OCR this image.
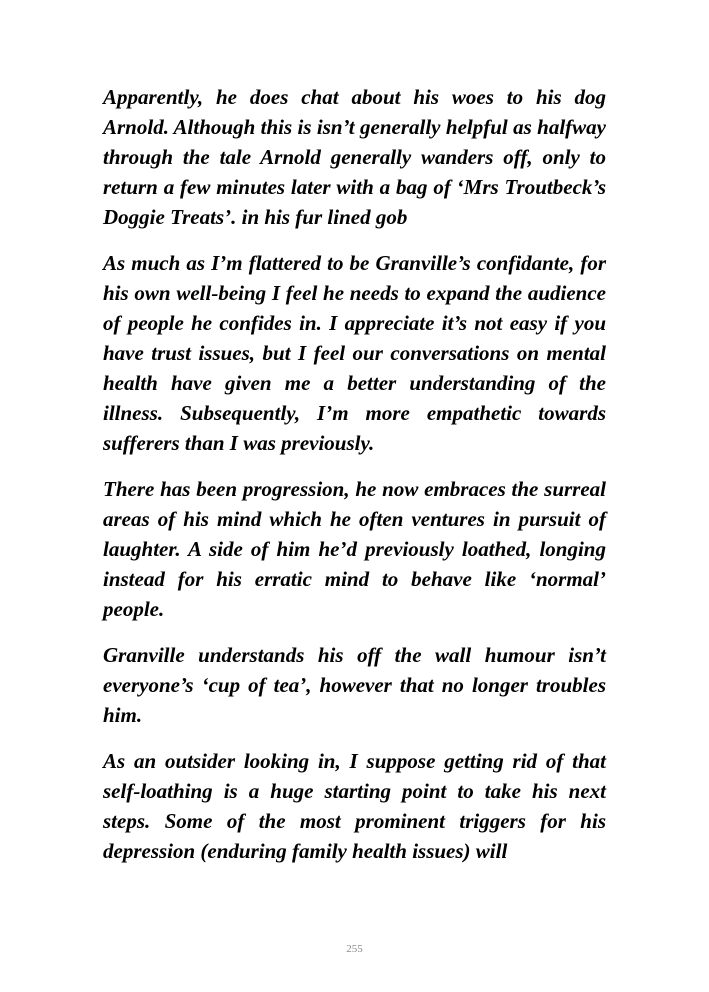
Apparently, he does chat about his woes to his dog Arnold. Although this is isn’t generally helpful as halfway through the tale Arnold generally wanders off, only to return a few minutes later with a bag of ‘Mrs Troutbeck’s Doggie Treats’. in his fur lined gob

As much as I’m flattered to be Granville’s confidante, for his own well-being I feel he needs to expand the audience of people he confides in. I appreciate it’s not easy if you have trust issues, but I feel our conversations on mental health have given me a better understanding of the illness. Subsequently, I’m more empathetic towards sufferers than I was previously.

There has been progression, he now embraces the surreal areas of his mind which he often ventures in pursuit of laughter. A side of him he’d previously loathed, longing instead for his erratic mind to behave like ‘normal’ people.

Granville understands his off the wall humour isn’t everyone’s ‘cup of tea’, however that no longer troubles him.

As an outsider looking in, I suppose getting rid of that self-loathing is a huge starting point to take his next steps. Some of the most prominent triggers for his depression (enduring family health issues) will

255
